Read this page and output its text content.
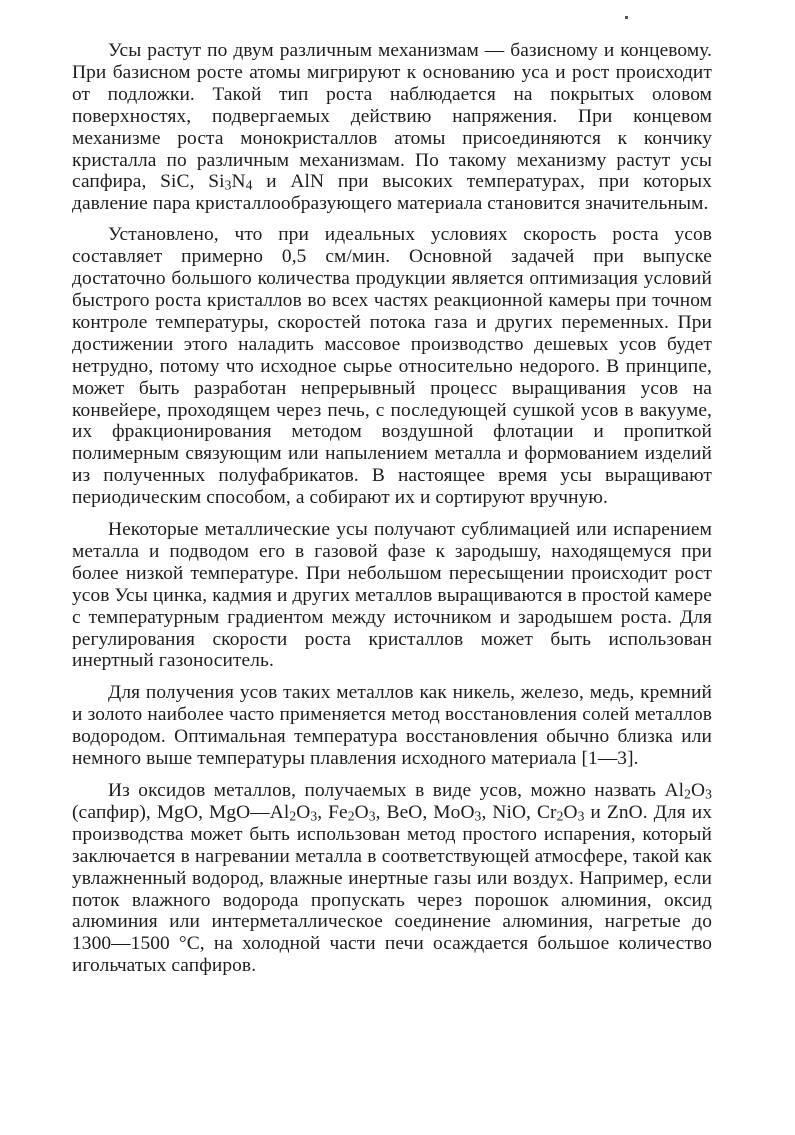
Усы растут по двум различным механизмам — базисному и концевому. При базисном росте атомы мигрируют к основанию уса и рост происходит от подложки. Такой тип роста наблюдается на покрытых оловом поверхностях, подвергаемых действию напряжения. При концевом механизме роста монокристаллов атомы присоединяются к кончику кристалла по различным механизмам. По такому механизму растут усы сапфира, SiC, $Si_3N_4$ и AlN при высоких температурах, при которых давление пара кристаллообразующего материала становится значительным.

Установлено, что при идеальных условиях скорость роста усов составляет примерно 0,5 см/мин. Основной задачей при выпуске достаточно большого количества продукции является оптимизация условий быстрого роста кристаллов во всех частях реакционной камеры при точном контроле температуры, скоростей потока газа и других переменных. При достижении этого наладить массовое производство дешевых усов будет нетрудно, потому что исходное сырье относительно недорого. В принципе, может быть разработан непрерывный процесс выращивания усов на конвейере, проходящем через печь, с последующей сушкой усов в вакууме, их фракционирования методом воздушной флотации и пропиткой полимерным связующим или напылением металла и формованием изделий из полученных полуфабрикатов. В настоящее время усы выращивают периодическим способом, а собирают их и сортируют вручную.

Некоторые металлические усы получают сублимацией или испарением металла и подводом его в газовой фазе к зародышу, находящемуся при более низкой температуре. При небольшом пересыщении происходит рост усов Усы цинка, кадмия и других металлов выращиваются в простой камере с температурным градиентом между источником и зародышем роста. Для регулирования скорости роста кристаллов может быть использован инертный газоноситель.

Для получения усов таких металлов как никель, железо, медь, кремний и золото наиболее часто применяется метод восстановления солей металлов водородом. Оптимальная температура восстановления обычно близка или немного выше температуры плавления исходного материала [1—3].

Из оксидов металлов, получаемых в виде усов, можно назвать $Al_2O_3$ (сапфир), MgO, $MgO—Al_2O_3$, $Fe_2O_3$, BeO, MoO$_3$, NiO, $Cr_2O_3$ и ZnO. Для их производства может быть использован метод простого испарения, который заключается в нагревании металла в соответствующей атмосфере, такой как увлажненный водород, влажные инертные газы или воздух. Например, если поток влажного водорода пропускать через порошок алюминия, оксид алюминия или интерметаллическое соединение алюминия, нагретые до 1300—1500 °С, на холодной части печи осаждается большое количество игольчатых сапфиров.
